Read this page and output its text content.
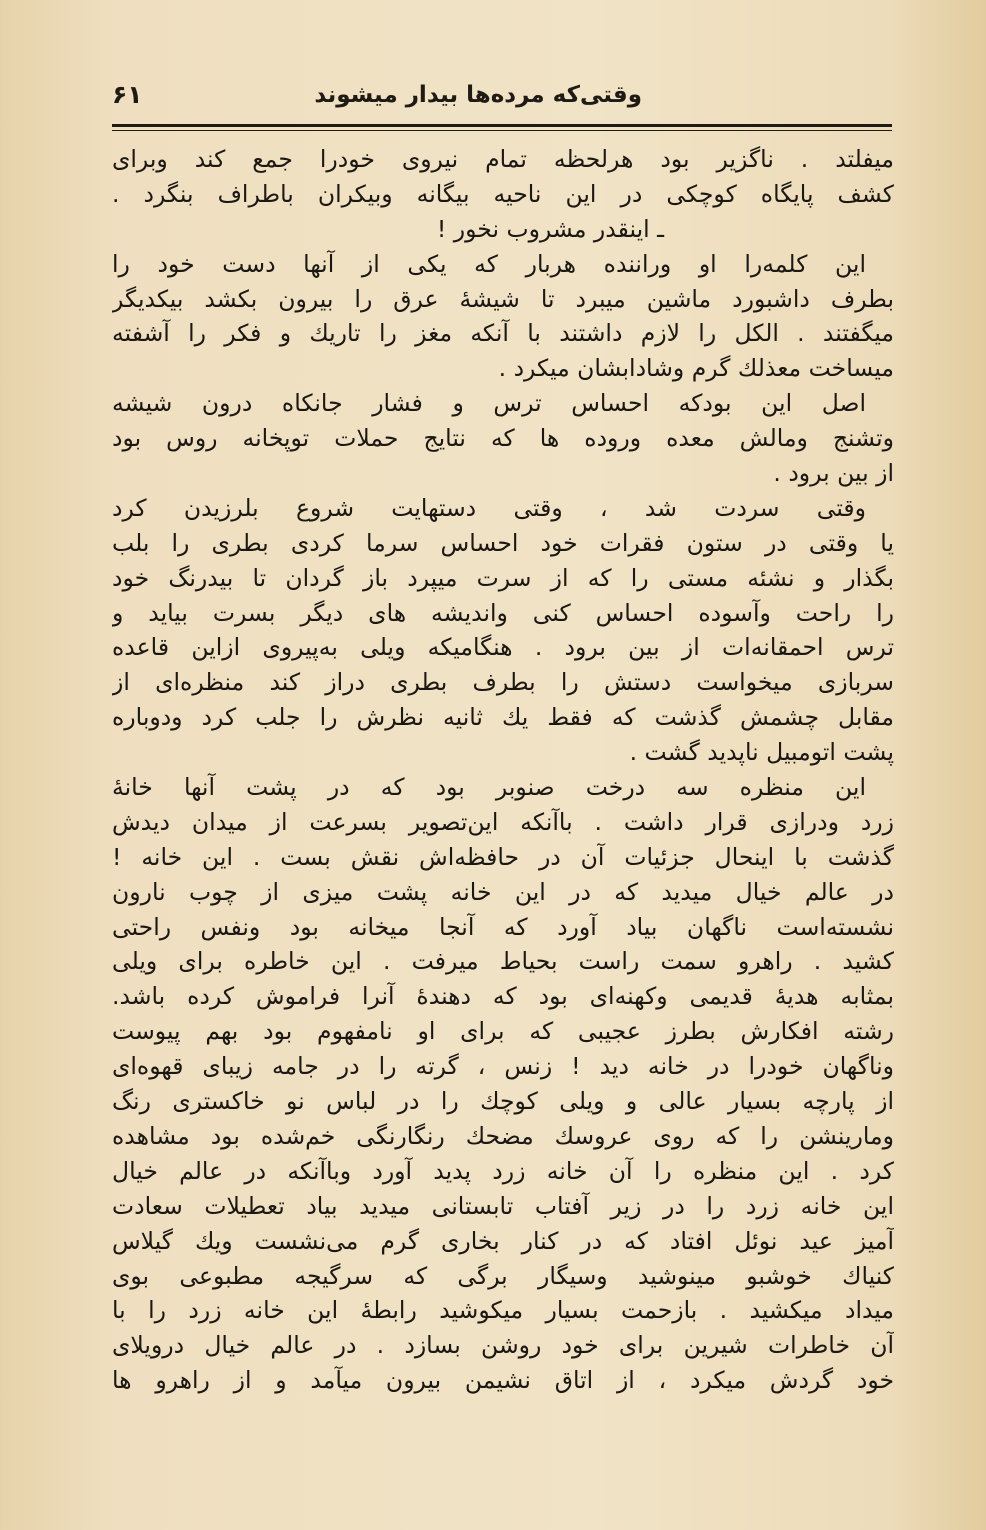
وقتی‌که مرده‌ها بیدار میشوند
۶۱
میفلتد . ناگزیر بود هرلحظه تمام نیروی خودرا جمع کند وبرای
کشف پایگاه کوچکی در این ناحیه بیگانه وبیکران باطراف بنگرد .
ـ اینقدر مشروب نخور !
این کلمه‌را او وراننده هربار که یکی از آنها دست خود را
بطرف داشبورد ماشین میبرد تا شیشهٔ عرق را بیرون بکشد بیکدیگر
میگفتند . الکل را لازم داشتند با آنکه مغز را تاریك و فکر را آشفته
میساخت معذلك گرم وشادابشان میکرد .
اصل این بودکه احساس ترس و فشار جانکاه درون شیشه
وتشنج ومالش معده وروده ها که نتایج حملات توپخانه روس بود
از بین برود .
وقتی سردت شد ، وقتی دستهایت شروع بلرزیدن کرد
یا وقتی در ستون فقرات خود احساس سرما کردی بطری را بلب
بگذار و نشئه مستی را که از سرت میپرد باز گردان تا بیدرنگ خود
را راحت وآسوده احساس کنی واندیشه های دیگر بسرت بیاید و
ترس احمقانه‌ات از بین برود . هنگامیکه ویلی به‌پیروی ازاین قاعده
سربازی میخواست دستش را بطرف بطری دراز کند منظره‌ای از
مقابل چشمش گذشت که فقط یك ثانیه نظرش را جلب کرد ودوباره
پشت اتومبیل ناپدید گشت .
این منظره سه درخت صنوبر بود که در پشت آنها خانهٔ
زرد ودرازی قرار داشت . باآنکه این‌تصویر بسرعت از میدان دیدش
گذشت با اینحال جزئیات آن در حافظه‌اش نقش بست . این خانه !
در عالم خیال میدید که در این خانه پشت میزی از چوب نارون
نشسته‌است ناگهان بیاد آورد که آنجا میخانه بود ونفس راحتی
کشید . راهرو سمت راست بحیاط میرفت . این خاطره برای ویلی
بمثابه هدیهٔ قدیمی وکهنه‌ای بود که دهندهٔ آنرا فراموش کرده باشد.
رشته افکارش بطرز عجیبی که برای او نامفهوم بود بهم پیوست
وناگهان خودرا در خانه دید ! زنس ، گرته را در جامه زیبای قهوه‌ای
از پارچه بسیار عالی و ویلی کوچك را در لباس نو خاکستری رنگ
ومارینشن را که روی عروسك مضحك رنگارنگی خم‌شده بود مشاهده
کرد . این منظره را آن خانه زرد پدید آورد وباآنکه در عالم خیال
این خانه زرد را در زیر آفتاب تابستانی میدید بیاد تعطیلات سعادت
آمیز عید نوئل افتاد که در کنار بخاری گرم می‌نشست ویك گیلاس
کنیاك خوشبو مینوشید وسیگار برگی که سرگیجه مطبوعی بوی
میداد میکشید . بازحمت بسیار میکوشید رابطهٔ این خانه زرد را با
آن خاطرات شیرین برای خود روشن بسازد . در عالم خیال درویلای
خود گردش میکرد ، از اتاق نشیمن بیرون میآمد و از راهرو ها
